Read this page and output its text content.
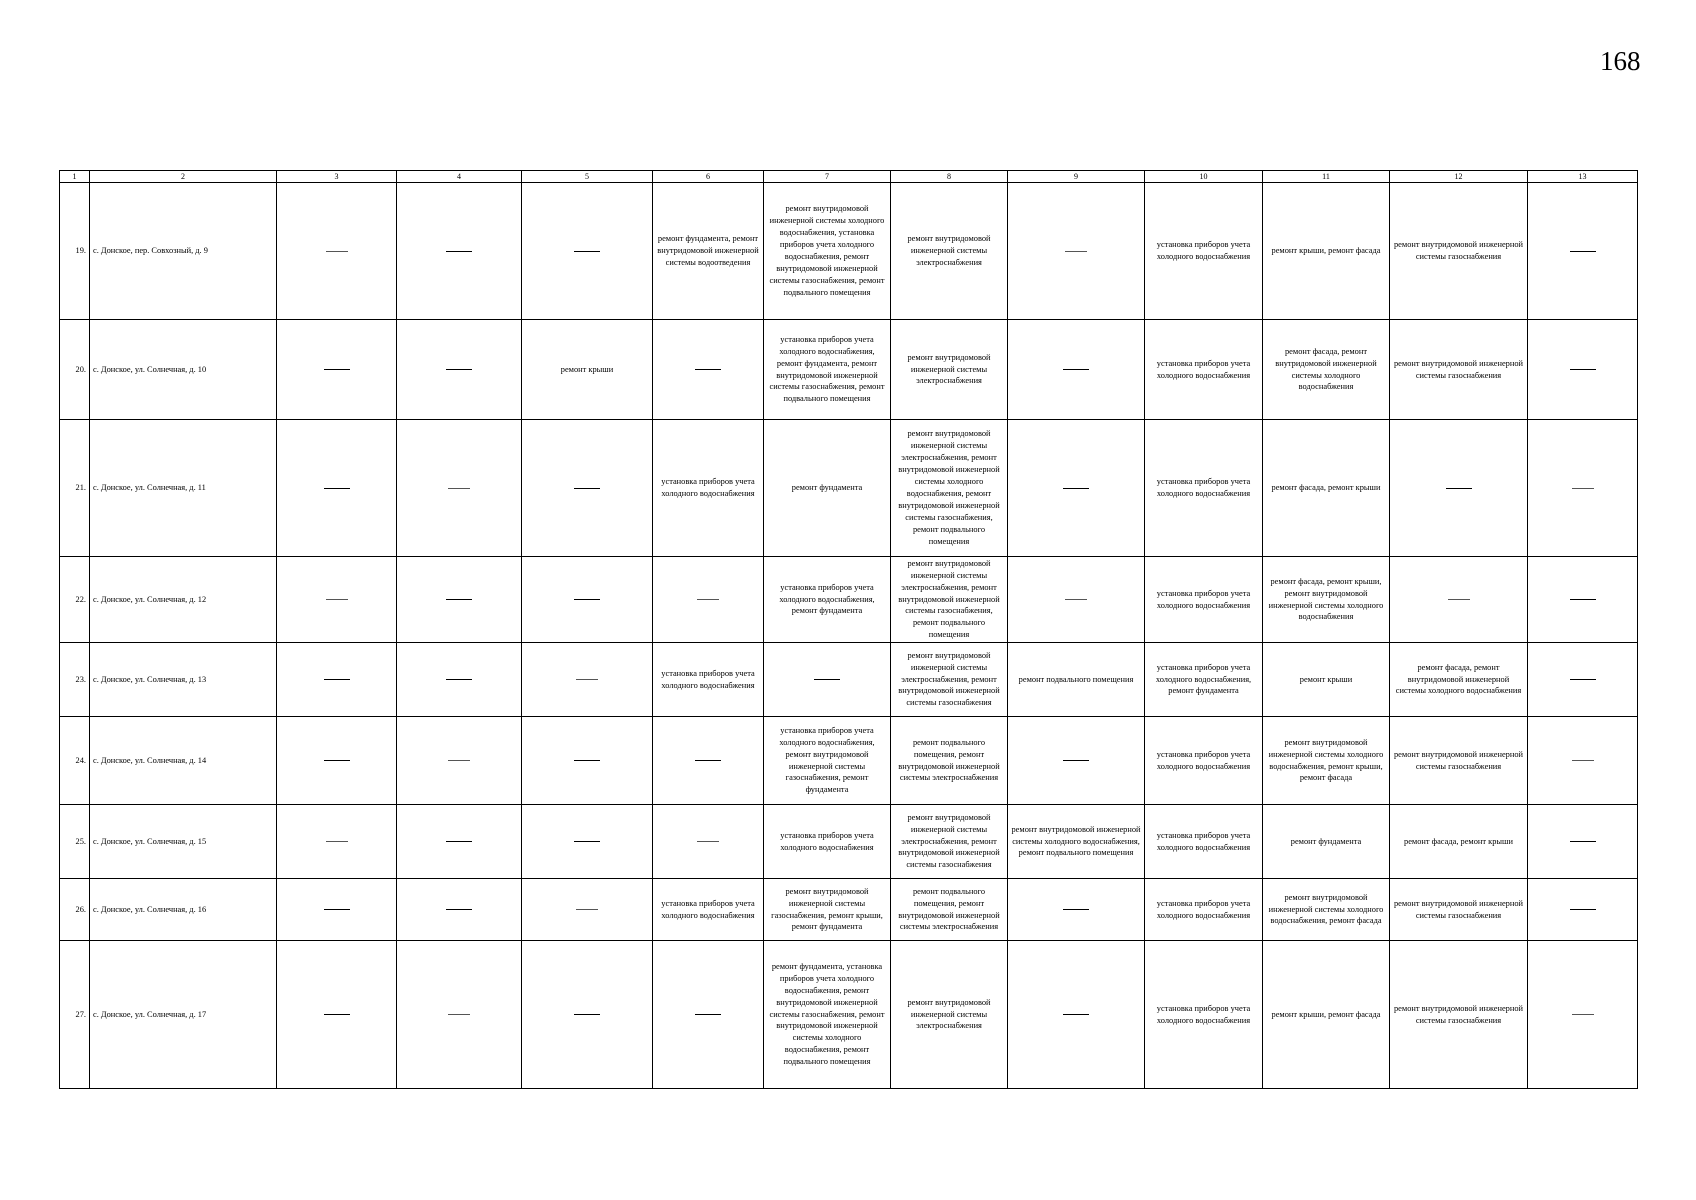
168
1	2	3	4	5	6	7	8	9	10	11	12	13
19.	с. Донское, пер. Совхозный, д. 9				ремонт фундамента, ремонт внутридомовой инженерной системы водоотведения	ремонт внутридомовой инженерной системы холодного водоснабжения, установка приборов учета холодного водоснабжения, ремонт внутридомовой инженерной системы газоснабжения, ремонт подвального помещения	ремонт внутридомовой инженерной системы электроснабжения		установка приборов учета холодного водоснабжения	ремонт крыши, ремонт фасада	ремонт внутридомовой инженерной системы газоснабжения	
20.	с. Донское, ул. Солнечная, д. 10			ремонт крыши		установка приборов учета холодного водоснабжения, ремонт фундамента, ремонт внутридомовой инженерной системы газоснабжения, ремонт подвального помещения	ремонт внутридомовой инженерной системы электроснабжения		установка приборов учета холодного водоснабжения	ремонт фасада, ремонт внутридомовой инженерной системы холодного водоснабжения	ремонт внутридомовой инженерной системы газоснабжения	
21.	с. Донское, ул. Солнечная, д. 11				установка приборов учета холодного водоснабжения	ремонт фундамента	ремонт внутридомовой инженерной системы электроснабжения, ремонт внутридомовой инженерной системы холодного водоснабжения, ремонт внутридомовой инженерной системы газоснабжения, ремонт подвального помещения		установка приборов учета холодного водоснабжения	ремонт фасада, ремонт крыши		
22.	с. Донское, ул. Солнечная, д. 12					установка приборов учета холодного водоснабжения, ремонт фундамента	ремонт внутридомовой инженерной системы электроснабжения, ремонт внутридомовой инженерной системы газоснабжения, ремонт подвального помещения		установка приборов учета холодного водоснабжения	ремонт фасада, ремонт крыши, ремонт внутридомовой инженерной системы холодного водоснабжения		
23.	с. Донское, ул. Солнечная, д. 13				установка приборов учета холодного водоснабжения		ремонт внутридомовой инженерной системы электроснабжения, ремонт внутридомовой инженерной системы газоснабжения	ремонт подвального помещения	установка приборов учета холодного водоснабжения, ремонт фундамента	ремонт крыши	ремонт фасада, ремонт внутридомовой инженерной системы холодного водоснабжения	
24.	с. Донское, ул. Солнечная, д. 14					установка приборов учета холодного водоснабжения, ремонт внутридомовой инженерной системы газоснабжения, ремонт фундамента	ремонт подвального помещения, ремонт внутридомовой инженерной системы электроснабжения		установка приборов учета холодного водоснабжения	ремонт внутридомовой инженерной системы холодного водоснабжения, ремонт крыши, ремонт фасада	ремонт внутридомовой инженерной системы газоснабжения	
25.	с. Донское, ул. Солнечная, д. 15					установка приборов учета холодного водоснабжения	ремонт внутридомовой инженерной системы электроснабжения, ремонт внутридомовой инженерной системы газоснабжения	ремонт внутридомовой инженерной системы холодного водоснабжения, ремонт подвального помещения	установка приборов учета холодного водоснабжения	ремонт фундамента	ремонт фасада, ремонт крыши	
26.	с. Донское, ул. Солнечная, д. 16				установка приборов учета холодного водоснабжения	ремонт внутридомовой инженерной системы газоснабжения, ремонт крыши, ремонт фундамента	ремонт подвального помещения, ремонт внутридомовой инженерной системы электроснабжения		установка приборов учета холодного водоснабжения	ремонт внутридомовой инженерной системы холодного водоснабжения, ремонт фасада	ремонт внутридомовой инженерной системы газоснабжения	
27.	с. Донское, ул. Солнечная, д. 17					ремонт фундамента, установка приборов учета холодного водоснабжения, ремонт внутридомовой инженерной системы газоснабжения, ремонт внутридомовой инженерной системы холодного водоснабжения, ремонт подвального помещения	ремонт внутридомовой инженерной системы электроснабжения		установка приборов учета холодного водоснабжения	ремонт крыши, ремонт фасада	ремонт внутридомовой инженерной системы газоснабжения	
